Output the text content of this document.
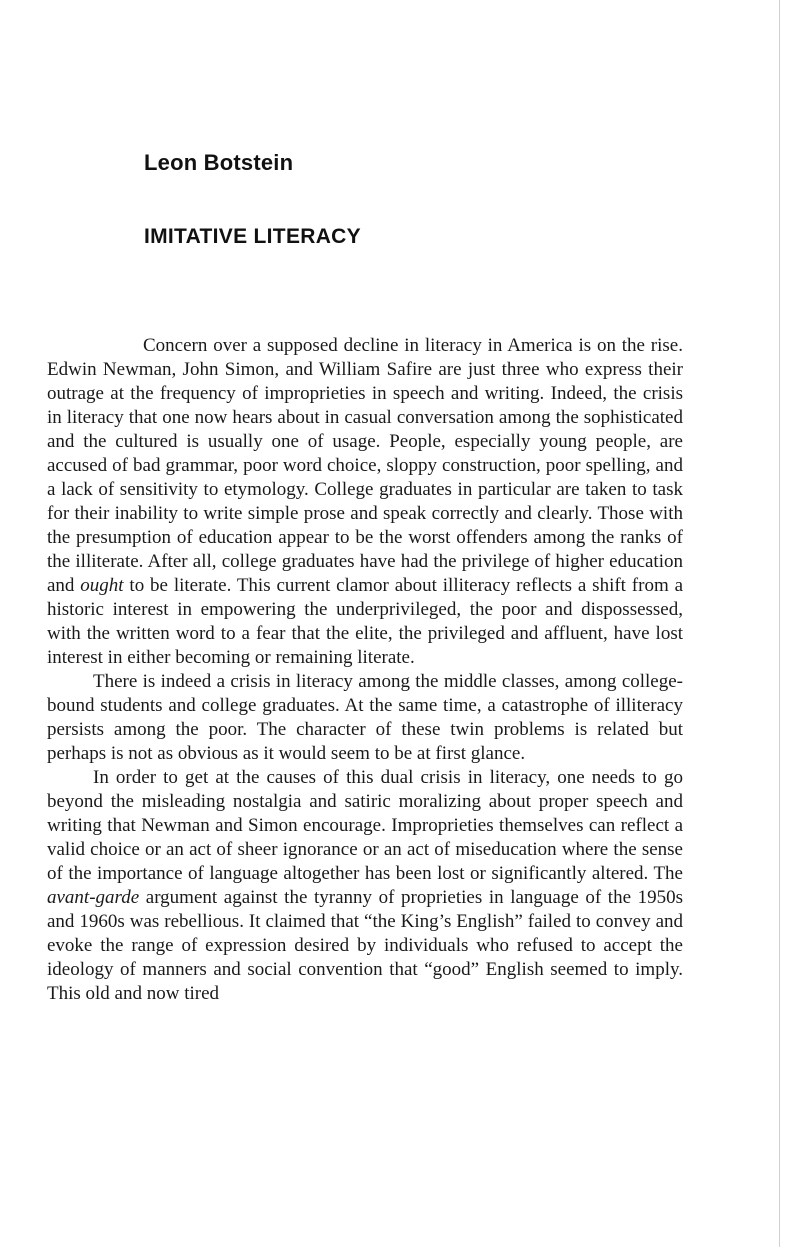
Leon Botstein
IMITATIVE LITERACY

Concern over a supposed decline in literacy in America is on the rise. Edwin Newman, John Simon, and William Safire are just three who express their outrage at the frequency of improprieties in speech and writing. Indeed, the crisis in literacy that one now hears about in casual conversation among the sophisticated and the cultured is usually one of usage. People, especially young people, are accused of bad grammar, poor word choice, sloppy construction, poor spelling, and a lack of sensitivity to etymology. College graduates in particular are taken to task for their inability to write simple prose and speak correctly and clearly. Those with the presumption of education appear to be the worst offenders among the ranks of the illiterate. After all, college graduates have had the privilege of higher education and ought to be literate. This current clamor about illiteracy reflects a shift from a historic interest in empowering the underprivileged, the poor and dispossessed, with the written word to a fear that the elite, the privileged and affluent, have lost interest in either becoming or remaining literate.

There is indeed a crisis in literacy among the middle classes, among college-bound students and college graduates. At the same time, a catastrophe of illiteracy persists among the poor. The character of these twin problems is related but perhaps is not as obvious as it would seem to be at first glance.

In order to get at the causes of this dual crisis in literacy, one needs to go beyond the misleading nostalgia and satiric moralizing about proper speech and writing that Newman and Simon encourage. Improprieties themselves can reflect a valid choice or an act of sheer ignorance or an act of miseducation where the sense of the importance of language altogether has been lost or significantly altered. The avant-garde argument against the tyranny of proprieties in language of the 1950s and 1960s was rebellious. It claimed that “the King’s English” failed to convey and evoke the range of expression desired by individuals who refused to accept the ideology of manners and social convention that “good” English seemed to imply. This old and now tired
